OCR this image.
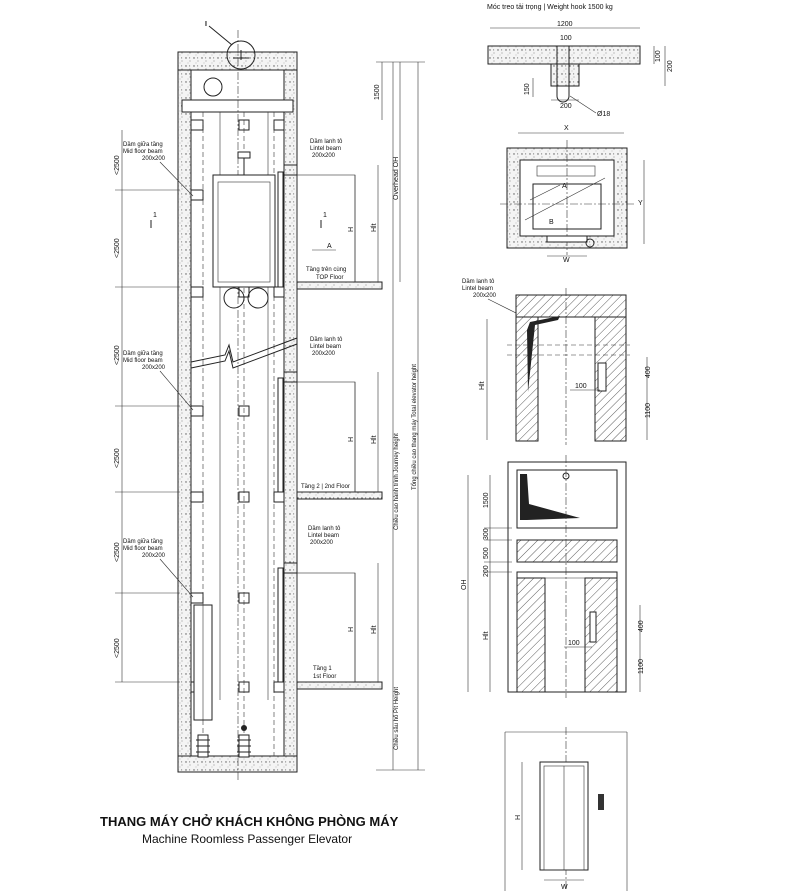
I
H Hlt
H Hlt
H Hlt
<2500
<2500
<2500
<2500
<2500
<2500
Dầm giữa tầng
Mid floor beam
200x200
Dầm giữa tầng
Mid floor beam
200x200
Dầm giữa tầng
Mid floor beam
200x200
Dầm lanh tô
Lintel beam
200x200
Dầm lanh tô
Lintel beam
200x200
Dầm lanh tô
Lintel beam
200x200
Tầng trên cùng
TOP Floor
Tầng 2 | 2nd Floor
Tầng 1
1st Floor
1	1
A
1500
Overhead OH
Chiều cao hành trình Journey height
Chiều sâu hố Pit Height
Tổng chiều cao thang máy Total elevator height
THANG MÁY CHỞ KHÁCH KHÔNG PHÒNG MÁY
Machine Roomless Passenger Elevator
Móc treo tải trọng | Weight hook 1500 kg
1200
100
150
200
Ø18
100
200
X
A
B
W
Y
Dầm lanh tô
Lintel beam
200x200
Hlt	100
400
1100
100
OH
1500
300
500
200
Hlt
400
1100
H
W
